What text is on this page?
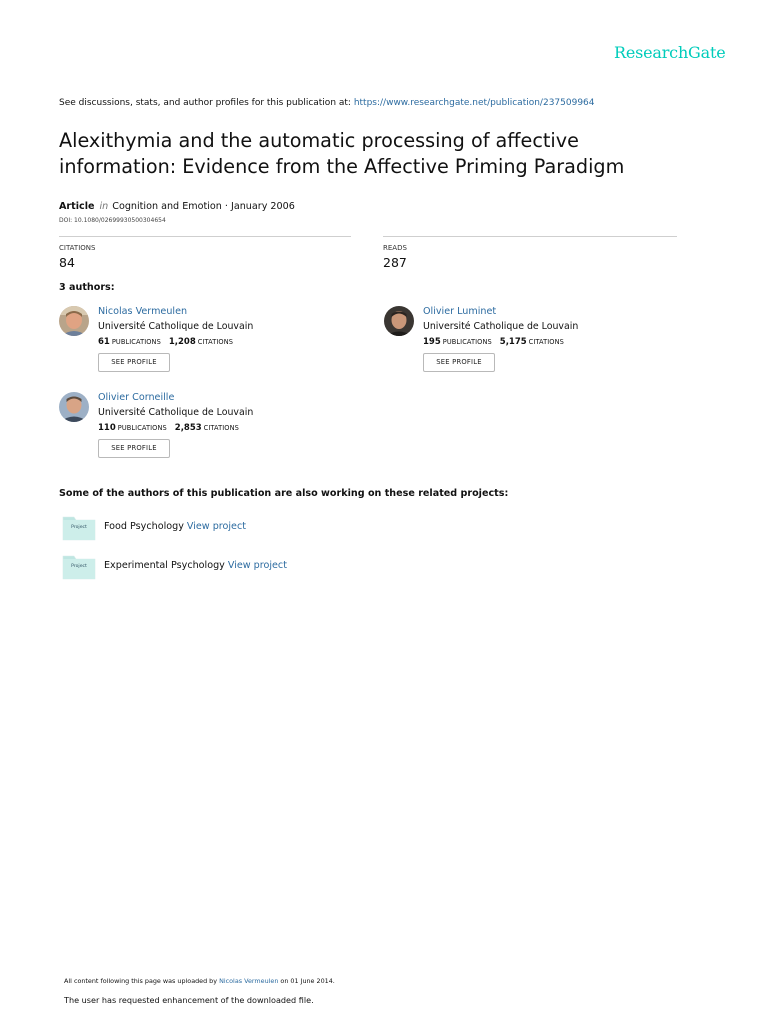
ResearchGate
See discussions, stats, and author profiles for this publication at: https://www.researchgate.net/publication/237509964
Alexithymia and the automatic processing of affective information: Evidence from the Affective Priming Paradigm
Article in Cognition and Emotion · January 2006
DOI: 10.1080/02699930500304654
CITATIONS
84
READS
287
3 authors:
Nicolas Vermeulen
Université Catholique de Louvain
61 PUBLICATIONS 1,208 CITATIONS
SEE PROFILE
Olivier Luminet
Université Catholique de Louvain
195 PUBLICATIONS 5,175 CITATIONS
SEE PROFILE
Olivier Corneille
Université Catholique de Louvain
110 PUBLICATIONS 2,853 CITATIONS
SEE PROFILE
Some of the authors of this publication are also working on these related projects:
Project	Food Psychology View project
Project	Experimental Psychology View project
All content following this page was uploaded by Nicolas Vermeulen on 01 June 2014.
The user has requested enhancement of the downloaded file.
